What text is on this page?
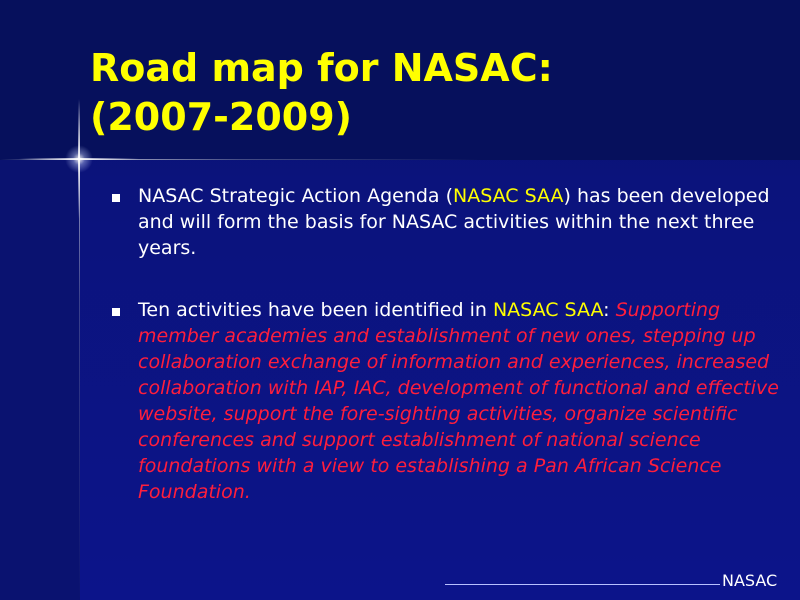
Road map for NASAC:
(2007-2009)
NASAC Strategic Action Agenda (NASAC SAA) has been developed and will form the basis for NASAC activities within the next three years.
Ten activities have been identified in NASAC SAA: Supporting member academies and establishment of new ones, stepping up collaboration exchange of information and experiences, increased collaboration with IAP, IAC, development of functional and effective website, support the fore-sighting activities, organize scientific conferences and support establishment of national science foundations with a view to establishing a Pan African Science Foundation.
NASAC
